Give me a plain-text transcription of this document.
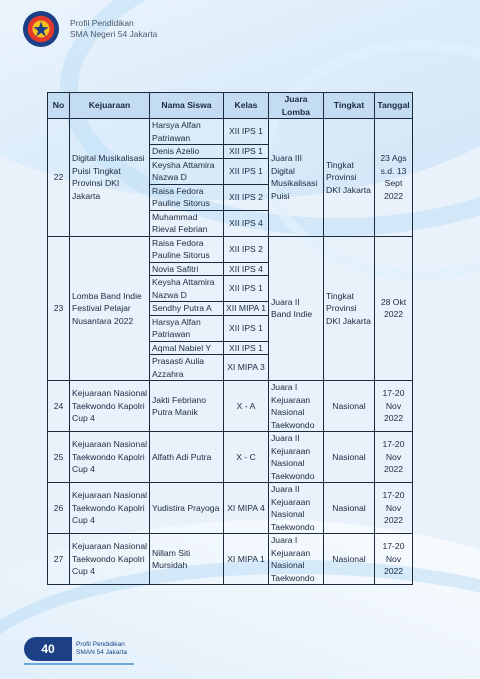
Profil Pendidikan
SMA Negeri 54 Jakarta
No	Kejuaraan	Nama Siswa	Kelas	Juara Lomba	Tingkat	Tanggal
22	Digital Musikalisasi Puisi Tingkat Provinsi DKI Jakarta	Harsya Alfan Patriawan	XII IPS 1	Juara III Digital Musikalisasi Puisi	Tingkat Provinsi DKI Jakarta	23 Ags s.d. 13 Sept 2022
		Denis Azelio	XII IPS 1			
		Keysha Attamira Nazwa D	XII IPS 1			
		Raisa Fedora Pauline Sitorus	XII IPS 2			
		Muhammad Rieval Febrian	XII IPS 4			
23	Lomba Band Indie Festival Pelajar Nusantara 2022	Raisa Fedora Pauline Sitorus	XII IPS 2	Juara II Band Indie	Tingkat Provinsi DKI Jakarta	28 Okt 2022
		Novia Safitri	XII IPS 4			
		Keysha Attamira Nazwa D	XII IPS 1			
		Sendhy Putra A	XII MIPA 1			
		Harsya Alfan Patriawan	XII IPS 1			
		Aqmal Nabiel Y	XII IPS 1			
		Prasasti Aulia Azzahra	XI MIPA 3			
24	Kejuaraan Nasional Taekwondo Kapolri Cup 4	Jakti Febriano Putra Manik	X - A	Juara I Kejuaraan Nasional Taekwondo	Nasional	17-20 Nov 2022
25	Kejuaraan Nasional Taekwondo Kapolri Cup 4	Alfath Adi Putra	X - C	Juara II Kejuaraan Nasional Taekwondo	Nasional	17-20 Nov 2022
26	Kejuaraan Nasional Taekwondo Kapolri Cup 4	Yudistira Prayoga	XI MIPA 4	Juara II Kejuaraan Nasional Taekwondo	Nasional	17-20 Nov 2022
27	Kejuaraan Nasional Taekwondo Kapolri Cup 4	Nillam Siti Mursidah	XI MIPA 1	Juara I Kejuaraan Nasional Taekwondo	Nasional	17-20 Nov 2022
40	Profil Pendidikan
SMAN 54 Jakarta
